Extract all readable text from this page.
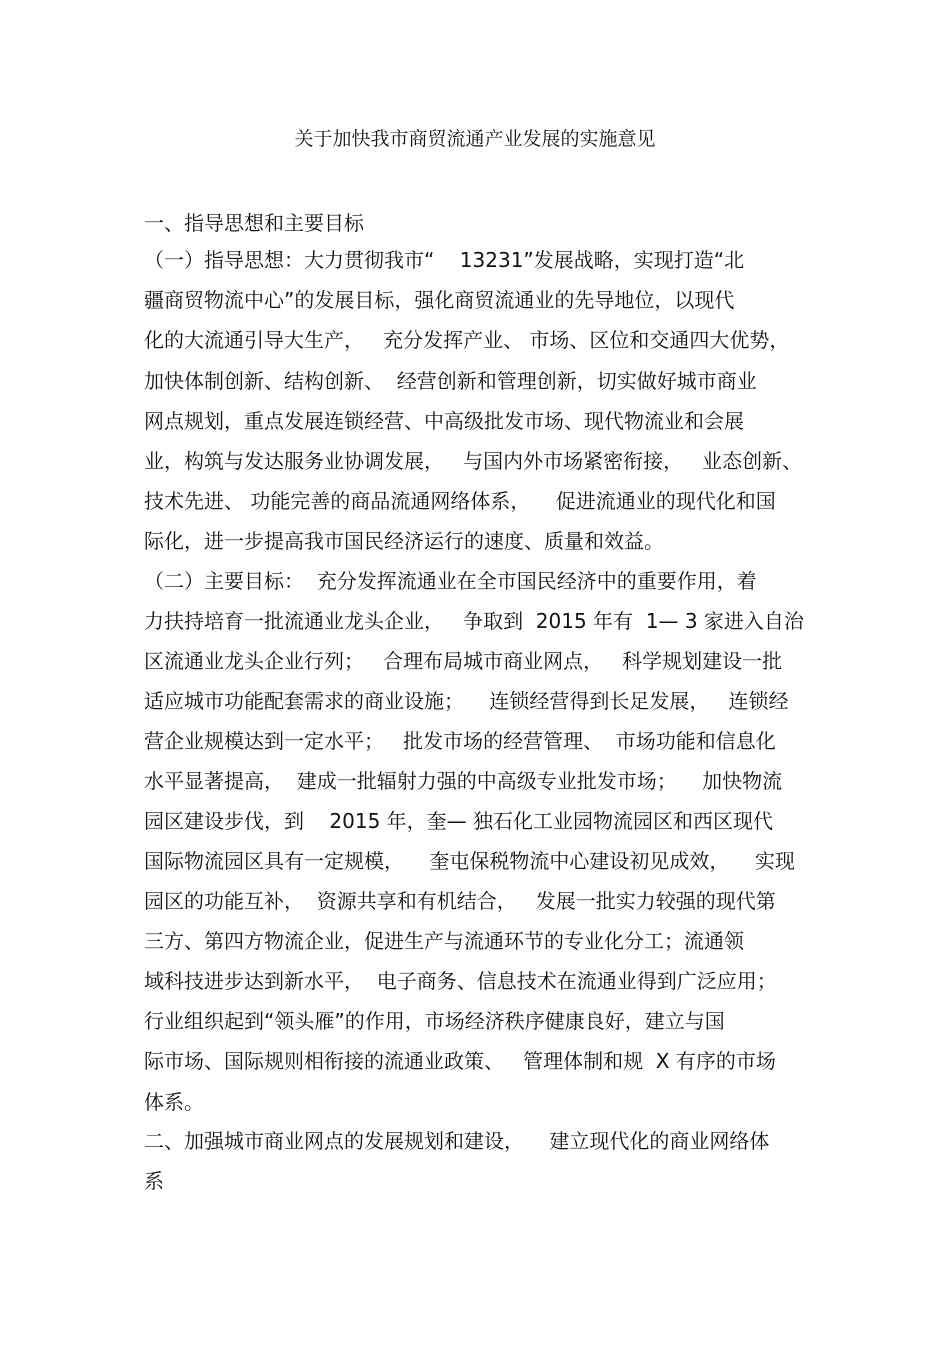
关于加快我市商贸流通产业发展的实施意见
一、指导思想和主要目标
（一）指导思想：大力贯彻我市“    13231”发展战略，实现打造“北
疆商贸物流中心”的发展目标，强化商贸流通业的先导地位，以现代
化的大流通引导大生产，   充分发挥产业、 市场、区位和交通四大优势，
加快体制创新、结构创新、  经营创新和管理创新，切实做好城市商业
网点规划，重点发展连锁经营、中高级批发市场、现代物流业和会展
业，构筑与发达服务业协调发展，   与国内外市场紧密衔接，   业态创新、
技术先进、 功能完善的商品流通网络体系，    促进流通业的现代化和国
际化，进一步提高我市国民经济运行的速度、质量和效益。
（二）主要目标：  充分发挥流通业在全市国民经济中的重要作用，着
力扶持培育一批流通业龙头企业，   争取到  2015 年有  1— 3 家进入自治
区流通业龙头企业行列；   合理布局城市商业网点，   科学规划建设一批
适应城市功能配套需求的商业设施；    连锁经营得到长足发展，   连锁经
营企业规模达到一定水平；   批发市场的经营管理、  市场功能和信息化
水平显著提高，  建成一批辐射力强的中高级专业批发市场；    加快物流
园区建设步伐，到    2015 年，奎— 独石化工业园物流园区和西区现代
国际物流园区具有一定规模，    奎屯保税物流中心建设初见成效，    实现
园区的功能互补，  资源共享和有机结合，   发展一批实力较强的现代第
三方、第四方物流企业，促进生产与流通环节的专业化分工；流通领
域科技进步达到新水平，  电子商务、信息技术在流通业得到广泛应用；
行业组织起到“领头雁”的作用，市场经济秩序健康良好，建立与国
际市场、国际规则相衔接的流通业政策、   管理体制和规  X 有序的市场
体系。
二、加强城市商业网点的发展规划和建设，    建立现代化的商业网络体
系
